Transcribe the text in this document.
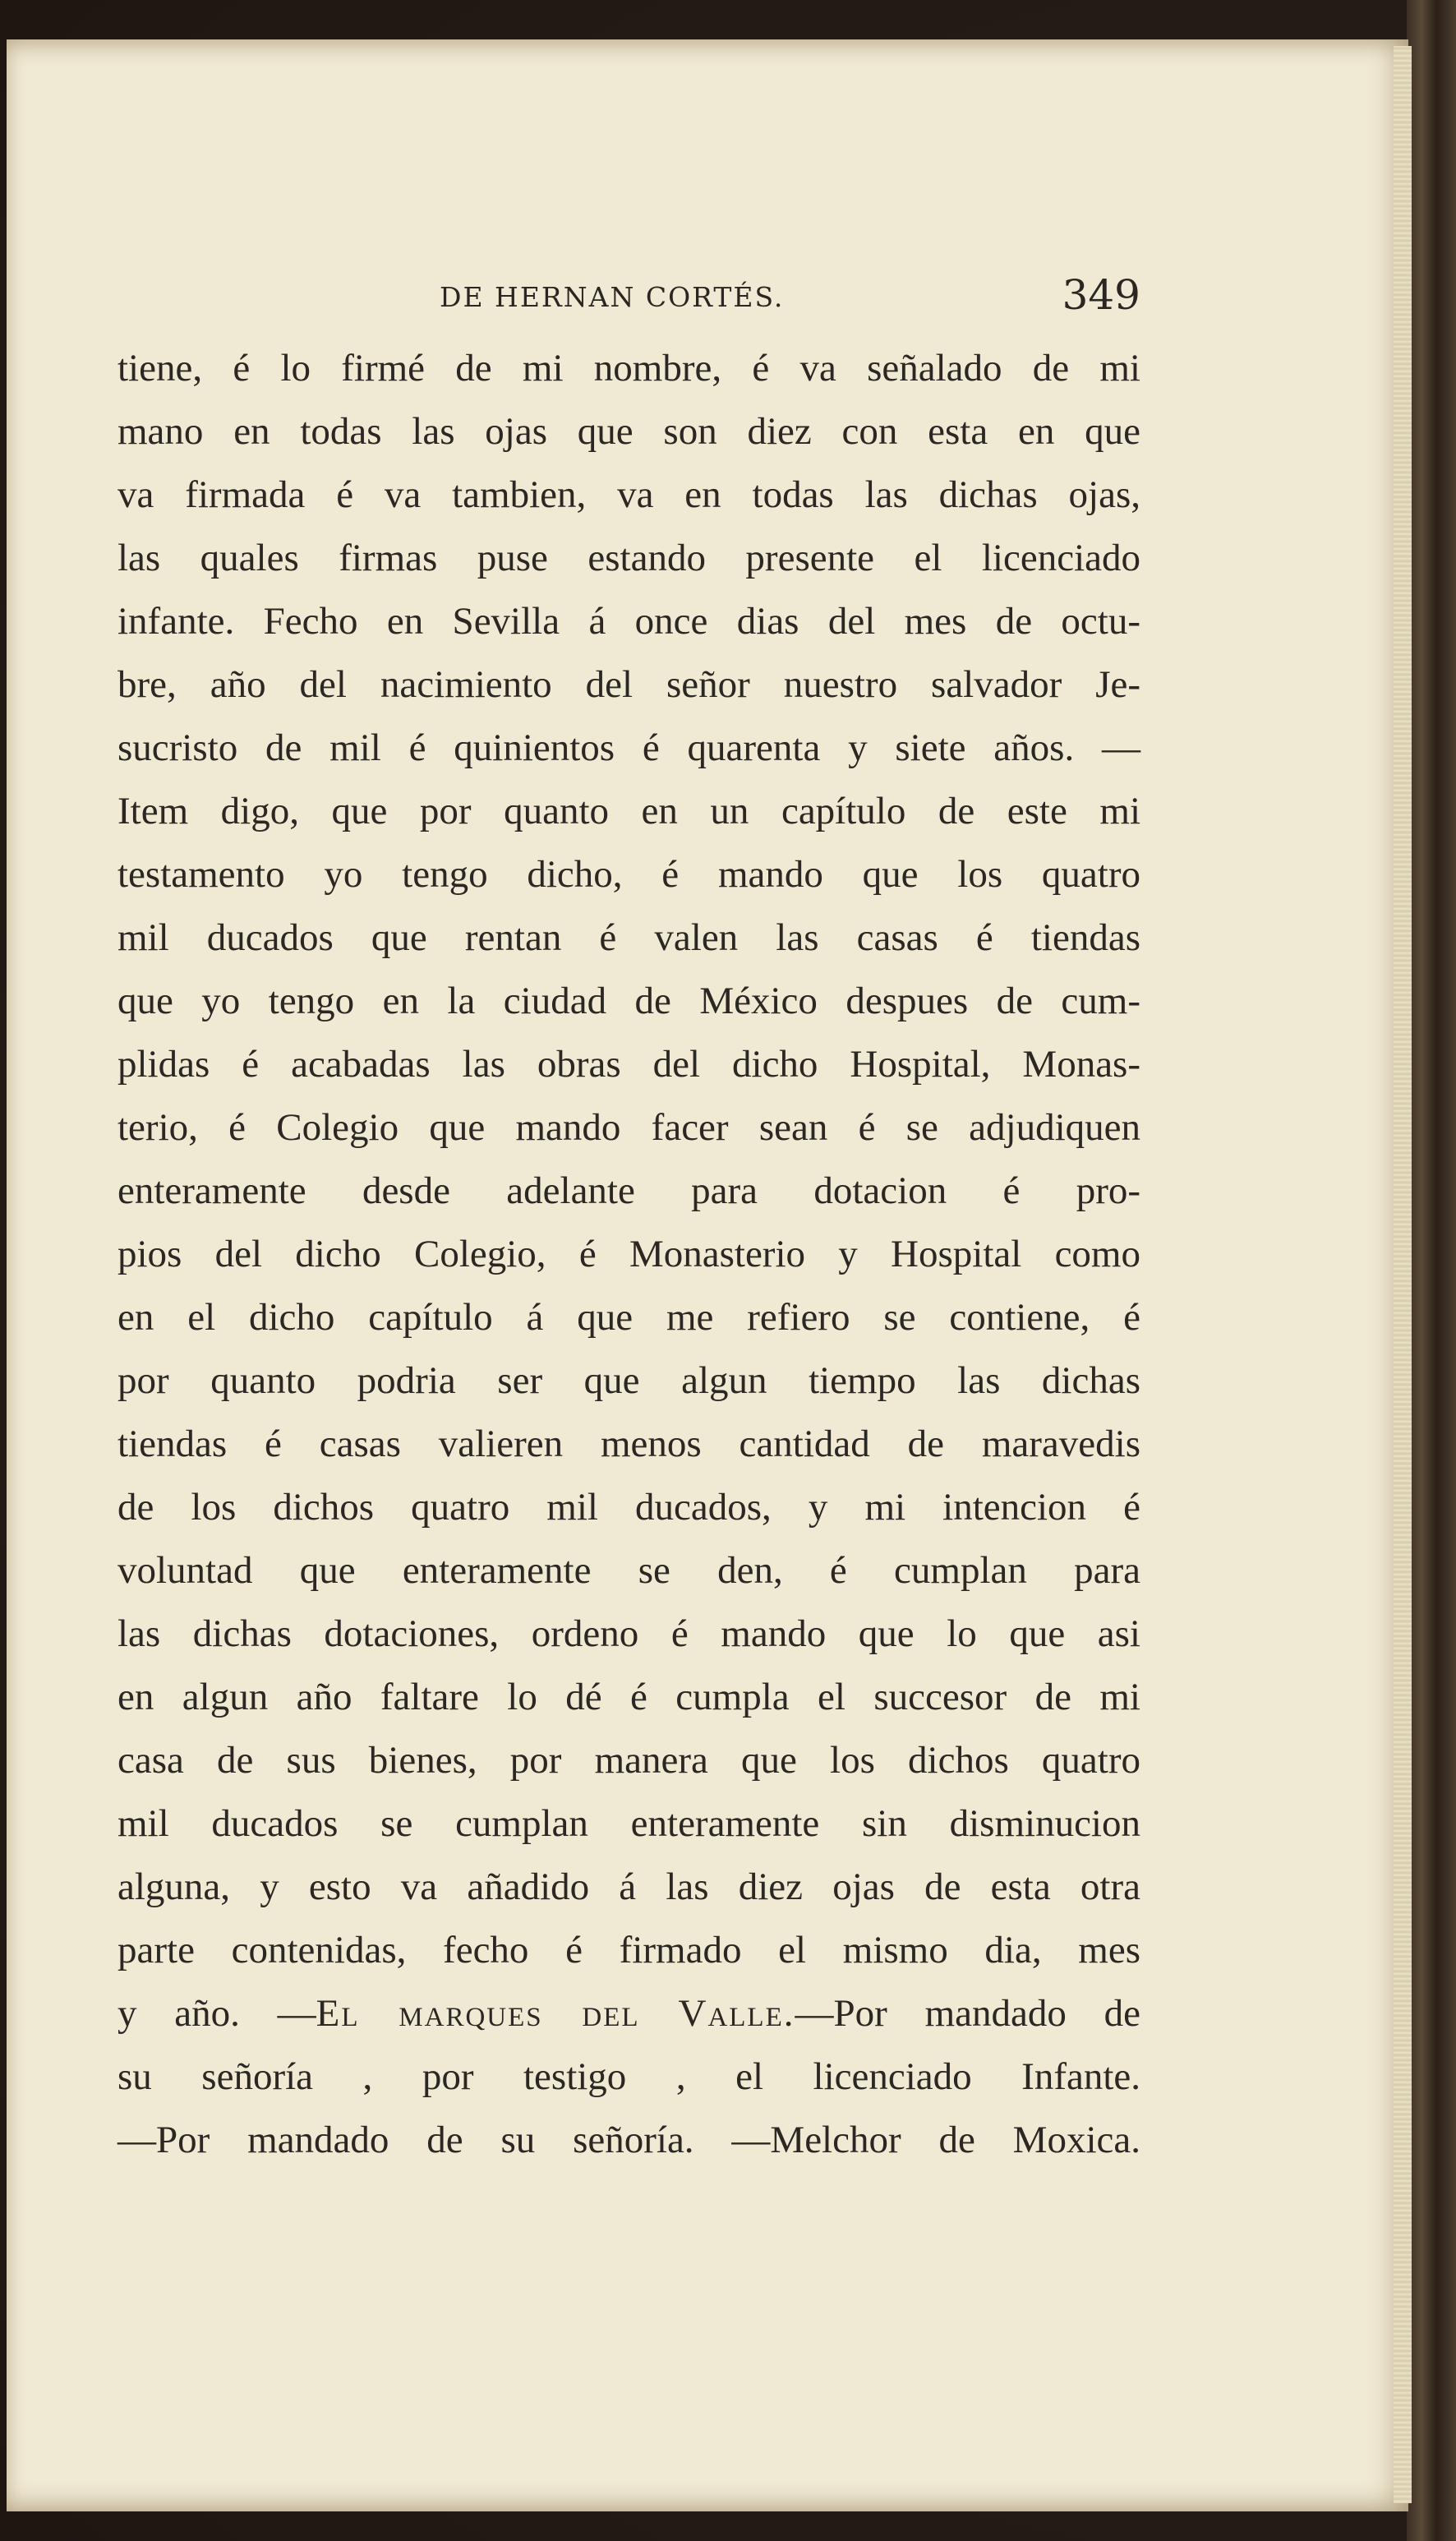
DE HERNAN CORTÉS.	349
tiene, é lo firmé de mi nombre, é va señalado de mi
mano en todas las ojas que son diez con esta en que
va firmada é va tambien, va en todas las dichas ojas,
las quales firmas puse estando presente el licenciado
infante. Fecho en Sevilla á once dias del mes de octu-
bre, año del nacimiento del señor nuestro salvador Je-
sucristo de mil é quinientos é quarenta y siete años. —
Item digo, que por quanto en un capítulo de este mi
testamento yo tengo dicho, é mando que los quatro
mil ducados que rentan é valen las casas é tiendas
que yo tengo en la ciudad de México despues de cum-
plidas é acabadas las obras del dicho Hospital, Monas-
terio, é Colegio que mando facer sean é se adjudiquen
enteramente desde adelante para dotacion é pro-
pios del dicho Colegio, é Monasterio y Hospital como
en el dicho capítulo á que me refiero se contiene, é
por quanto podria ser que algun tiempo las dichas
tiendas é casas valieren menos cantidad de maravedis
de los dichos quatro mil ducados, y mi intencion é
voluntad que enteramente se den, é cumplan para
las dichas dotaciones, ordeno é mando que lo que asi
en algun año faltare lo dé é cumpla el succesor de mi
casa de sus bienes, por manera que los dichos quatro
mil ducados se cumplan enteramente sin disminucion
alguna, y esto va añadido á las diez ojas de esta otra
parte contenidas, fecho é firmado el mismo dia, mes
y año. —El marques del Valle.—Por mandado de
su señoría , por testigo , el licenciado Infante.
—Por mandado de su señoría. —Melchor de Moxica.
